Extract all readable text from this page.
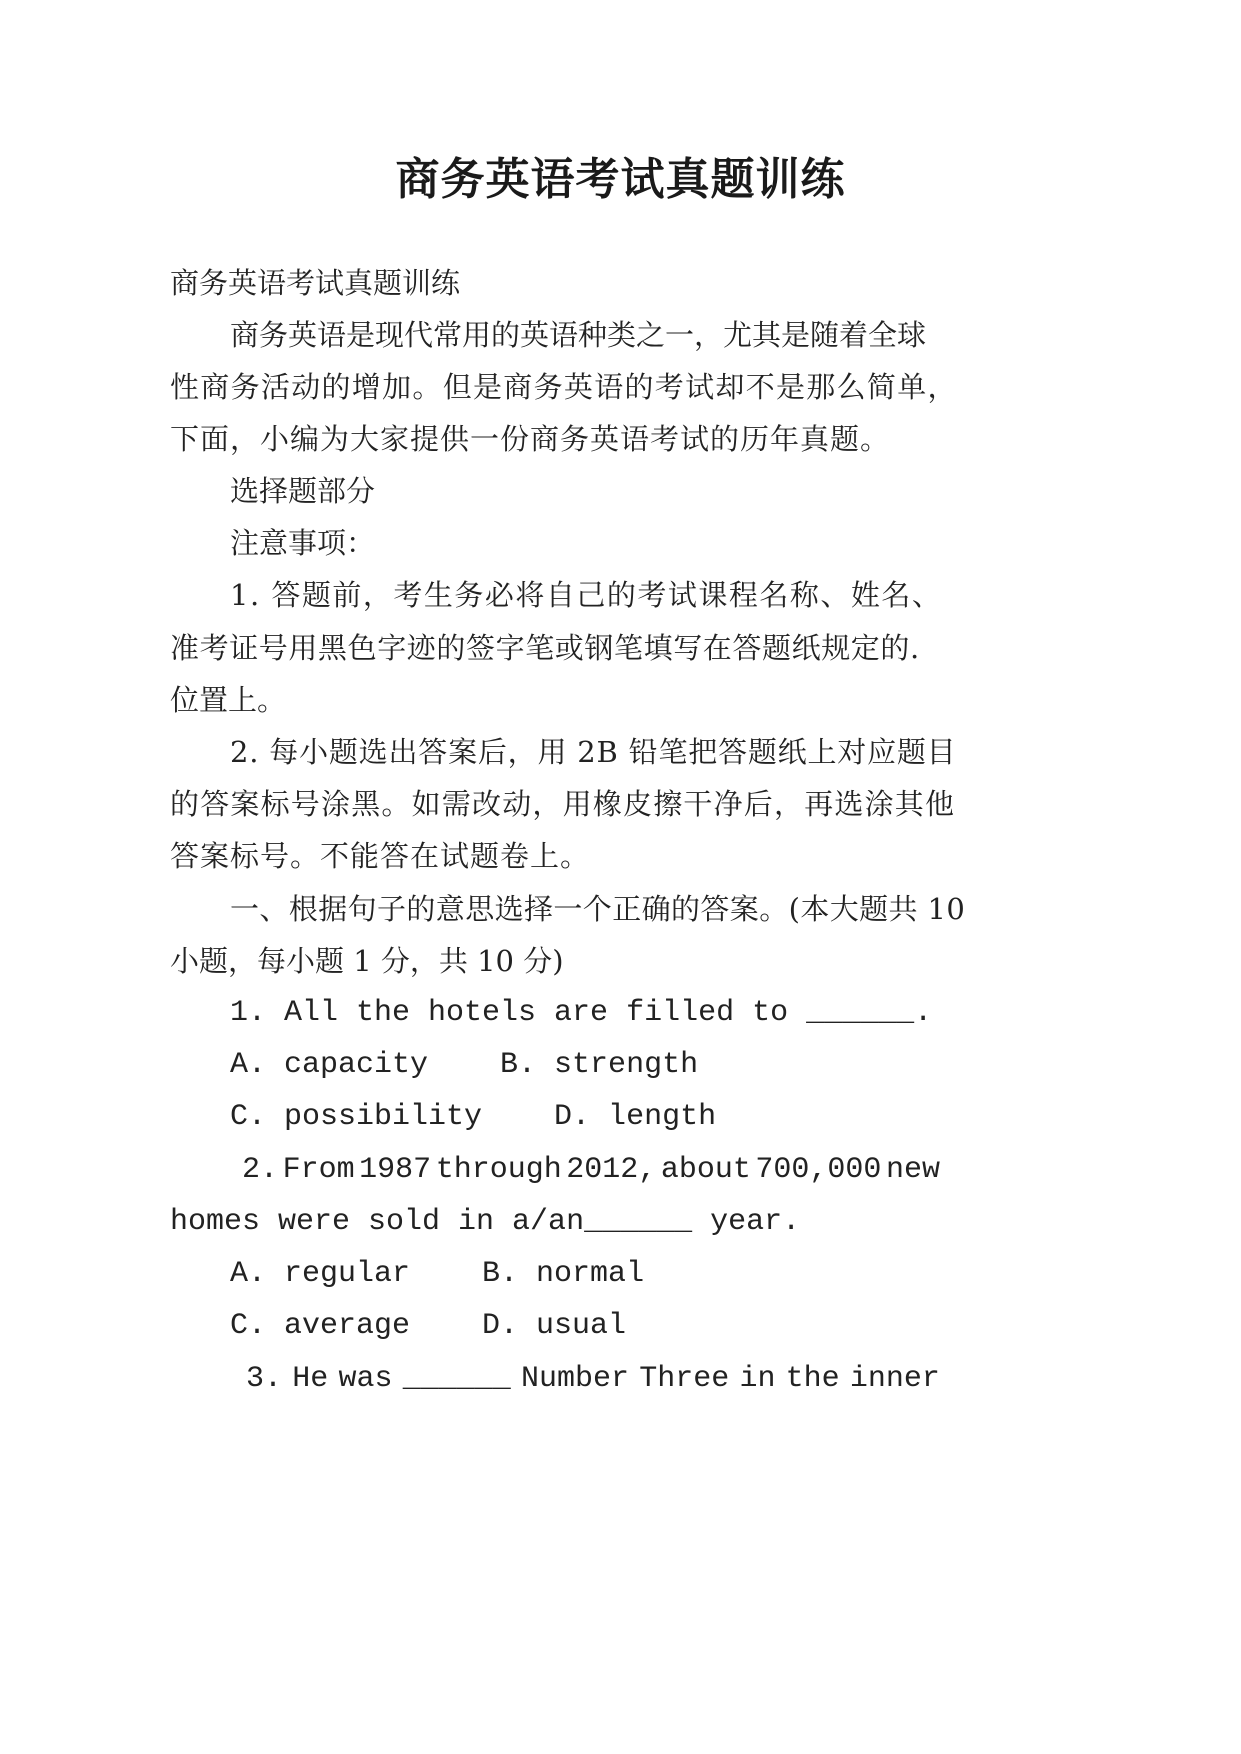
商务英语考试真题训练
商务英语考试真题训练
商务英语是现代常用的英语种类之一，尤其是随着全球
性商务活动的增加。但是商务英语的考试却不是那么简单，
下面，小编为大家提供一份商务英语考试的历年真题。
选择题部分
注意事项：
1. 答题前，考生务必将自己的考试课程名称、姓名、
准考证号用黑色字迹的签字笔或钢笔填写在答题纸规定的.
位置上。
2. 每小题选出答案后，用 2B 铅笔把答题纸上对应题目
的答案标号涂黑。如需改动，用橡皮擦干净后，再选涂其他
答案标号。不能答在试题卷上。
一、根据句子的意思选择一个正确的答案。(本大题共 10
小题，每小题 1 分，共 10 分)
1. All the hotels are filled to ______.
A. capacity    B. strength
C. possibility    D. length
2. From 1987 through 2012, about 700,000 new
homes were sold in a/an______ year.
A. regular    B. normal
C. average    D. usual
3. He was ______ Number Three in the inner
